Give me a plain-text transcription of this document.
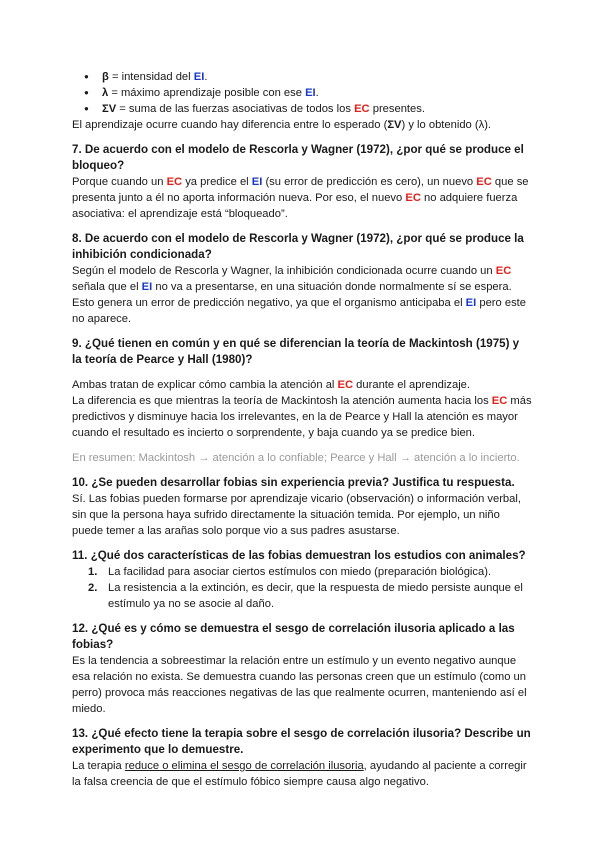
● β = intensidad del EI.
● λ = máximo aprendizaje posible con ese EI.
● ΣV = suma de las fuerzas asociativas de todos los EC presentes.

El aprendizaje ocurre cuando hay diferencia entre lo esperado (ΣV) y lo obtenido (λ).

7. De acuerdo con el modelo de Rescorla y Wagner (1972), ¿por qué se produce el bloqueo?

Porque cuando un EC ya predice el EI (su error de predicción es cero), un nuevo EC que se presenta junto a él no aporta información nueva. Por eso, el nuevo EC no adquiere fuerza asociativa: el aprendizaje está “bloqueado”.

8. De acuerdo con el modelo de Rescorla y Wagner (1972), ¿por qué se produce la inhibición condicionada?

Según el modelo de Rescorla y Wagner, la inhibición condicionada ocurre cuando un EC señala que el EI no va a presentarse, en una situación donde normalmente sí se espera. Esto genera un error de predicción negativo, ya que el organismo anticipaba el EI pero este no aparece.

9. ¿Qué tienen en común y en qué se diferencian la teoría de Mackintosh (1975) y la teoría de Pearce y Hall (1980)?

Ambas tratan de explicar cómo cambia la atención al EC durante el aprendizaje.

La diferencia es que mientras la teoría de Mackintosh la atención aumenta hacia los EC más predictivos y disminuye hacia los irrelevantes, en la de Pearce y Hall la atención es mayor cuando el resultado es incierto o sorprendente, y baja cuando ya se predice bien.

En resumen: Mackintosh → atención a lo confiable; Pearce y Hall → atención a lo incierto.

10. ¿Se pueden desarrollar fobias sin experiencia previa? Justifica tu respuesta.

Sí. Las fobias pueden formarse por aprendizaje vicario (observación) o información verbal, sin que la persona haya sufrido directamente la situación temida. Por ejemplo, un niño puede temer a las arañas solo porque vio a sus padres asustarse.

11. ¿Qué dos características de las fobias demuestran los estudios con animales?

1. La facilidad para asociar ciertos estímulos con miedo (preparación biológica).
2. La resistencia a la extinción, es decir, que la respuesta de miedo persiste aunque el estímulo ya no se asocie al daño.

12. ¿Qué es y cómo se demuestra el sesgo de correlación ilusoria aplicado a las fobias?

Es la tendencia a sobreestimar la relación entre un estímulo y un evento negativo aunque esa relación no exista. Se demuestra cuando las personas creen que un estímulo (como un perro) provoca más reacciones negativas de las que realmente ocurren, manteniendo así el miedo.

13. ¿Qué efecto tiene la terapia sobre el sesgo de correlación ilusoria? Describe un experimento que lo demuestre.

La terapia reduce o elimina el sesgo de correlación ilusoria, ayudando al paciente a corregir la falsa creencia de que el estímulo fóbico siempre causa algo negativo.
